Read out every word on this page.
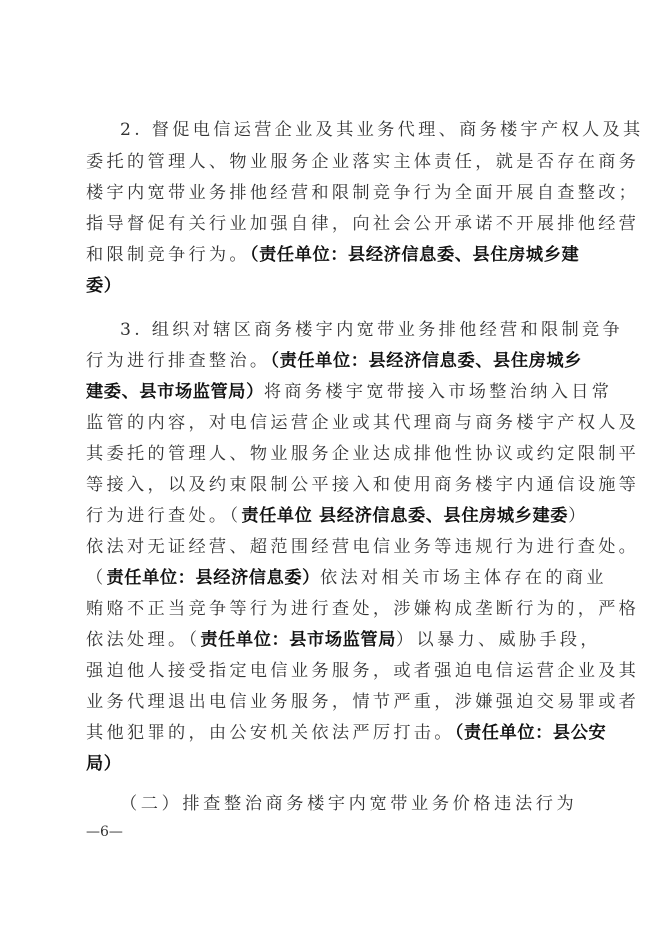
2. 督促电信运营企业及其业务代理、商务楼宇产权人及其
委托的管理人、物业服务企业落实主体责任，就是否存在商务
楼宇内宽带业务排他经营和限制竞争行为全面开展自查整改；
指导督促有关行业加强自律，向社会公开承诺不开展排他经营
和限制竞争行为。（责任单位：县经济信息委、县住房城乡建
委）
3. 组织对辖区商务楼宇内宽带业务排他经营和限制竞争
行为进行排查整治。（责任单位：县经济信息委、县住房城乡
建委、县市场监管局）将商务楼宇宽带接入市场整治纳入日常
监管的内容，对电信运营企业或其代理商与商务楼宇产权人及
其委托的管理人、物业服务企业达成排他性协议或约定限制平
等接入，以及约束限制公平接入和使用商务楼宇内通信设施等
行为进行查处。（责任单位 县经济信息委、县住房城乡建委）
依法对无证经营、超范围经营电信业务等违规行为进行查处。
（责任单位：县经济信息委）依法对相关市场主体存在的商业
贿赂不正当竞争等行为进行查处，涉嫌构成垄断行为的，严格
依法处理。（责任单位：县市场监管局）以暴力、威胁手段，
强迫他人接受指定电信业务服务，或者强迫电信运营企业及其
业务代理退出电信业务服务，情节严重，涉嫌强迫交易罪或者
其他犯罪的，由公安机关依法严厉打击。（责任单位：县公安
局）
（二）排查整治商务楼宇内宽带业务价格违法行为
—6—
